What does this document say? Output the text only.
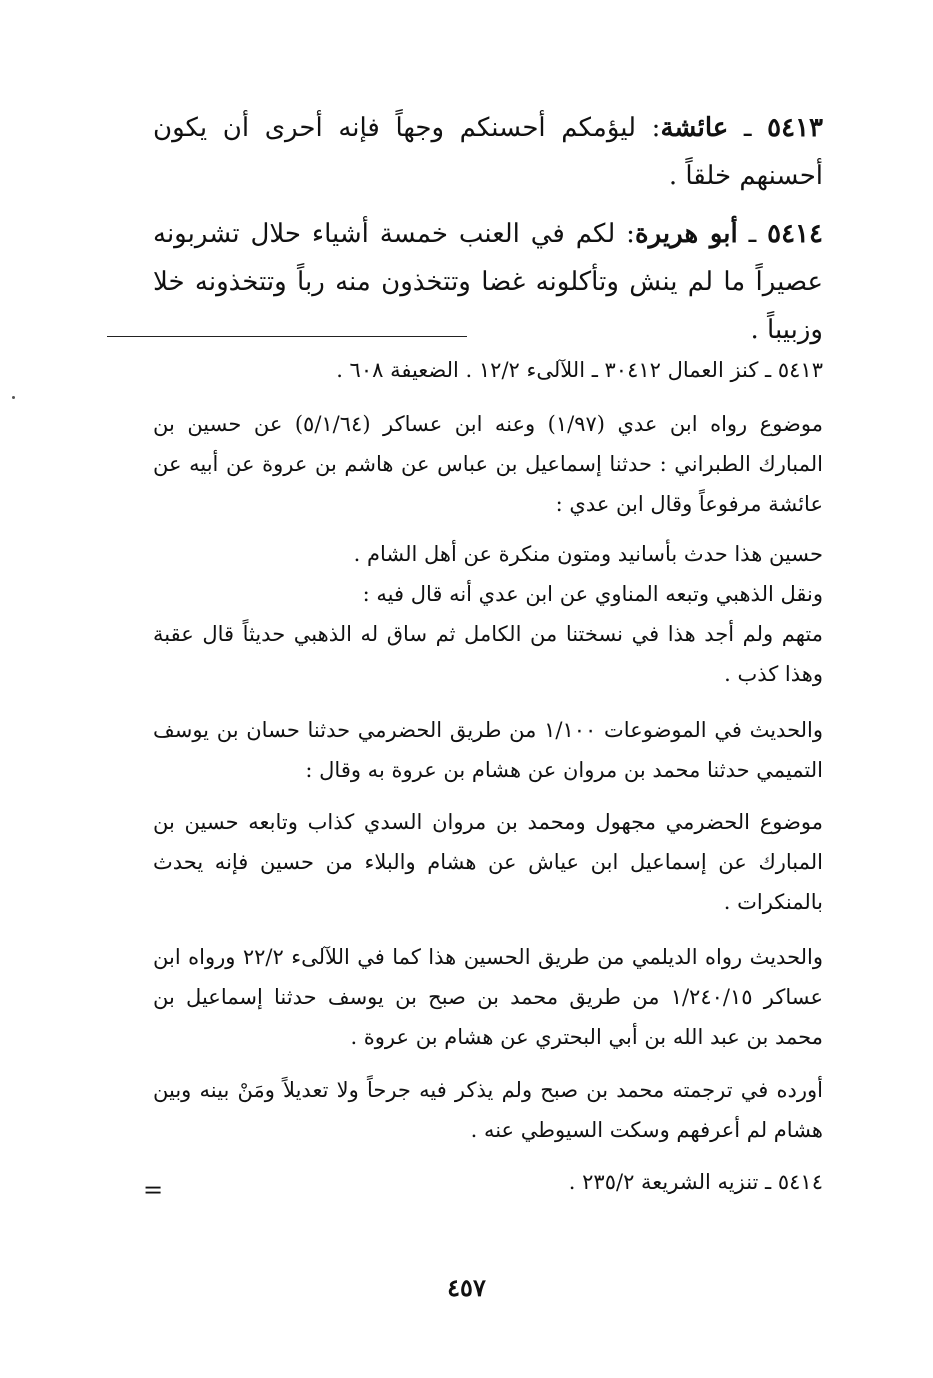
٥٤١٣ ـ عائشة: ليؤمكم أحسنكم وجهاً فإنه أحرى أن يكون أحسنهم خلقاً .
٥٤١٤ ـ أبو هريرة: لكم في العنب خمسة أشياء حلال تشربونه عصيراً ما لم ينش وتأكلونه غضا وتتخذون منه رباً وتتخذونه خلا وزبيباً .

٥٤١٣ ـ كنز العمال ٣٠٤١٢ ـ اللآلىء ١٢/٢ . الضعيفة ٦٠٨ .

موضوع رواه ابن عدي (١/٩٧) وعنه ابن عساكر (٥/١/٦٤) عن حسين بن المبارك الطبراني : حدثنا إسماعيل بن عباس عن هاشم بن عروة عن أبيه عن عائشة مرفوعاً وقال ابن عدي :

حسين هذا حدث بأسانيد ومتون منكرة عن أهل الشام .

ونقل الذهبي وتبعه المناوي عن ابن عدي أنه قال فيه :

متهم ولم أجد هذا في نسختنا من الكامل ثم ساق له الذهبي حديثاً قال عقبة وهذا كذب .

والحديث في الموضوعات ١/١٠٠ من طريق الحضرمي حدثنا حسان بن يوسف التميمي حدثنا محمد بن مروان عن هشام بن عروة به وقال :

موضوع الحضرمي مجهول ومحمد بن مروان السدي كذاب وتابعه حسين بن المبارك عن إسماعيل ابن عياش عن هشام والبلاء من حسين فإنه يحدث بالمنكرات .

والحديث رواه الديلمي من طريق الحسين هذا كما في اللآلىء ٢٢/٢ ورواه ابن عساكر ١/٢٤٠/١٥ من طريق محمد بن صبح بن يوسف حدثنا إسماعيل بن محمد بن عبد الله بن أبي البحتري عن هشام بن عروة .

أورده في ترجمته محمد بن صبح ولم يذكر فيه جرحاً ولا تعديلاً ومَنْ بينه وبين هشام لم أعرفهم وسكت السيوطي عنه .

٥٤١٤ ـ تنزيه الشريعة ٢٣٥/٢ .

=
٤٥٧
